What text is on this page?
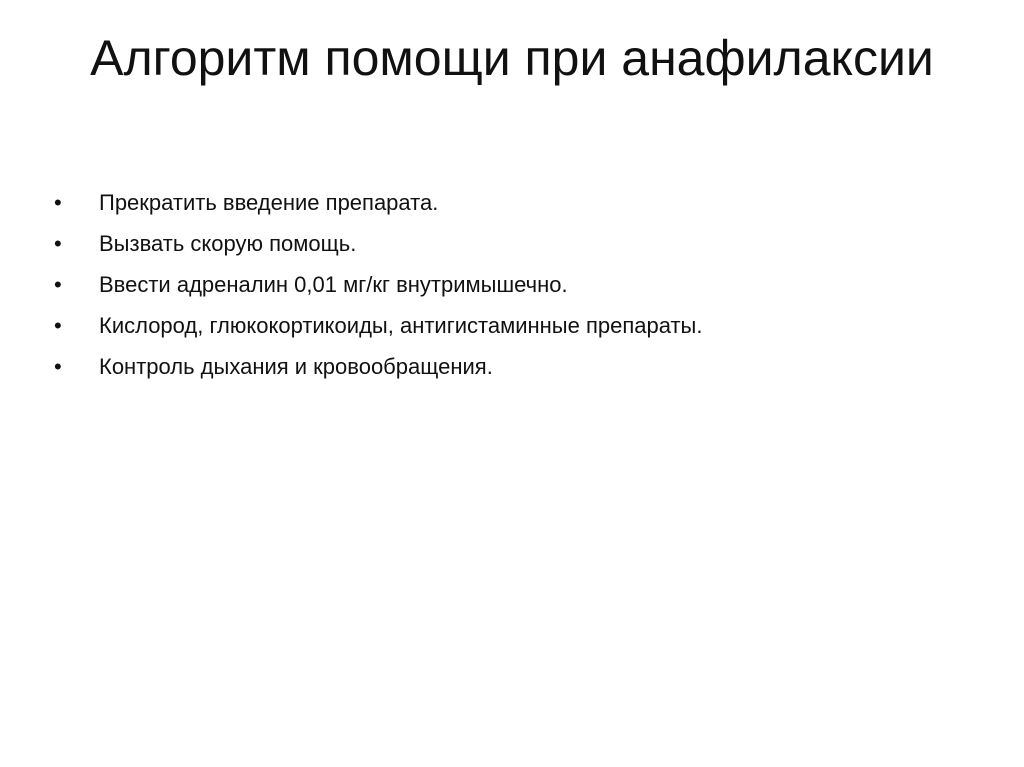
Алгоритм помощи при анафилаксии
•	Прекратить введение препарата.
•	Вызвать скорую помощь.
•	Ввести адреналин 0,01 мг/кг внутримышечно.
•	Кислород, глюкокортикоиды, антигистаминные препараты.
•	Контроль дыхания и кровообращения.
